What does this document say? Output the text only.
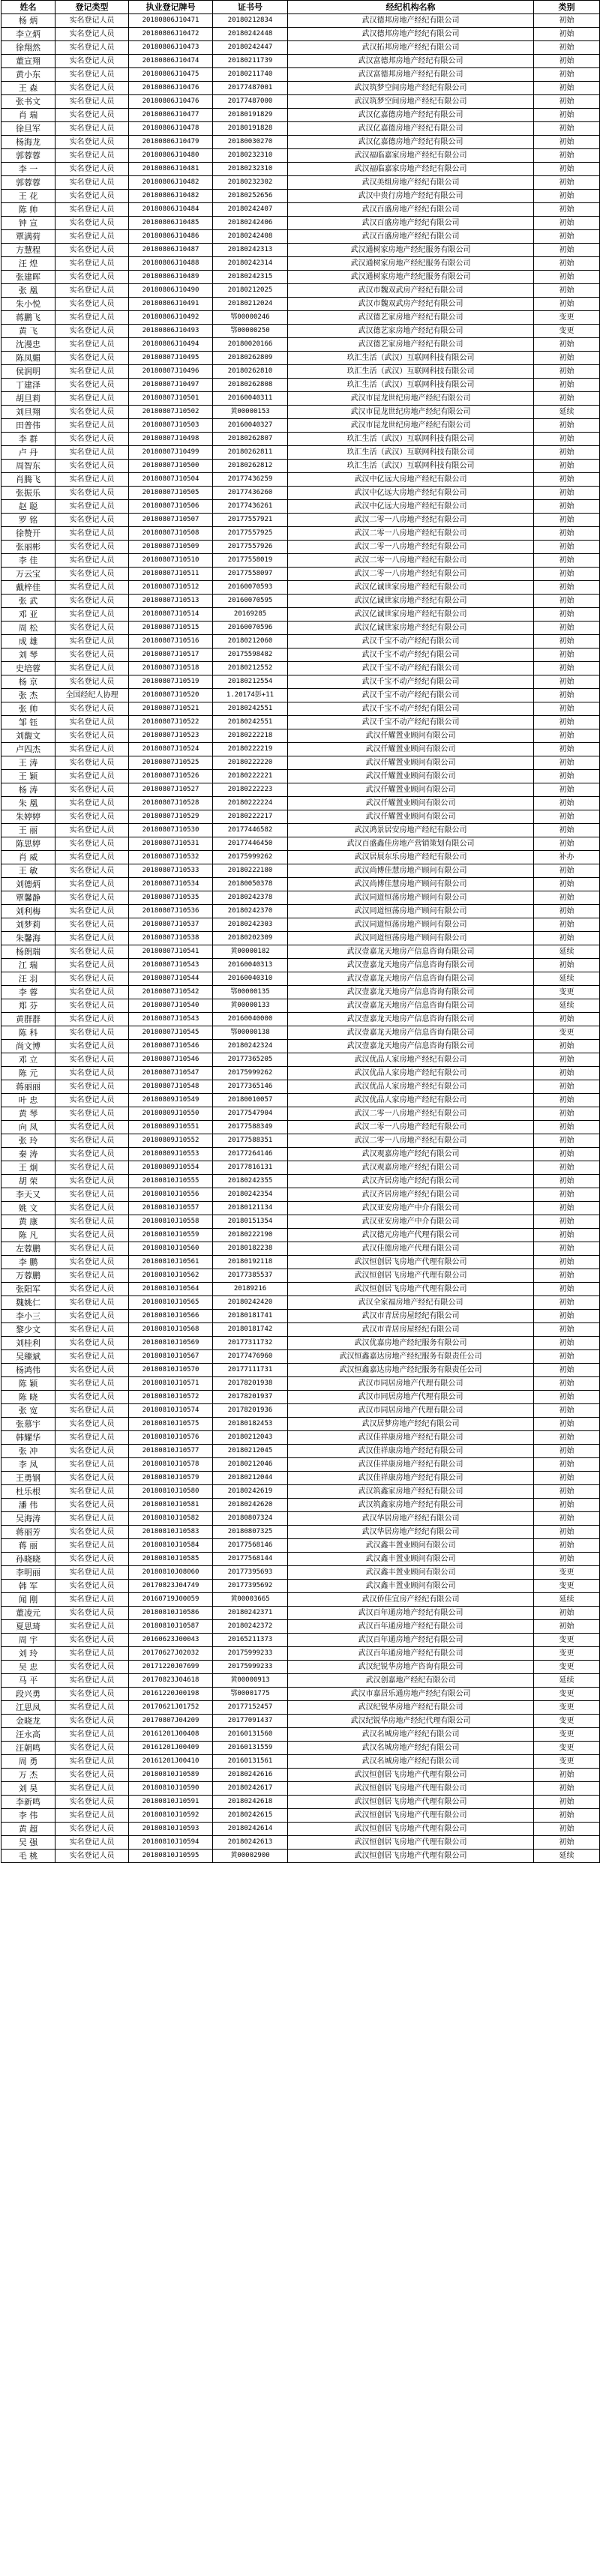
姓名	登记类型	执业登记牌号	证书号	经纪机构名称	类别
杨 炳	实名登记人员	20180806J10471	20180212834	武汉德邦房地产经纪有限公司	初始
李立炳	实名登记人员	20180806J10472	20180242448	武汉德邦房地产经纪有限公司	初始
徐翔然	实名登记人员	20180806J10473	20180242447	武汉拓邦房地产经纪有限公司	初始
董宣翔	实名登记人员	20180806J10474	20180211739	武汉富德邦房地产经纪有限公司	初始
黄小东	实名登记人员	20180806J10475	20180211740	武汉富德邦房地产经纪有限公司	初始
王 森	实名登记人员	20180806J10476	20177487001	武汉筑梦空间房地产经纪有限公司	初始
张书文	实名登记人员	20180806J10476	20177487000	武汉筑梦空间房地产经纪有限公司	初始
肖 瑞	实名登记人员	20180806J10477	20180191829	武汉亿嘉德房地产经纪有限公司	初始
徐旦军	实名登记人员	20180806J10478	20180191828	武汉亿嘉德房地产经纪有限公司	初始
杨海龙	实名登记人员	20180806J10479	20180030270	武汉亿嘉德房地产经纪有限公司	初始
郭蓉蓉	实名登记人员	20180806J10480	20180232310	武汉福临嘉家房地产经纪有限公司	初始
李 一	实名登记人员	20180806J10481	20180232310	武汉福临嘉家房地产经纪有限公司	初始
郭蓉蓉	实名登记人员	20180806J10482	20180232302	武汉美组房地产经纪有限公司	初始
王 花	实名登记人员	20180806J10482	20180252656	武汉中贵行房地产经纪有限公司	初始
陈 帅	实名登记人员	20180806J10484	20180242407	武汉百盛房地产经纪有限公司	初始
钟 宣	实名登记人员	20180806J10485	20180242406	武汉百盛房地产经纪有限公司	初始
覃满荷	实名登记人员	20180806J10486	20180242408	武汉百盛房地产经纪有限公司	初始
方慧程	实名登记人员	20180806J10487	20180242313	武汉通树家房地产经纪服务有限公司	初始
汪 煌	实名登记人员	20180806J10488	20180242314	武汉通树家房地产经纪服务有限公司	初始
张建晖	实名登记人员	20180806J10489	20180242315	武汉通树家房地产经纪服务有限公司	初始
张 凰	实名登记人员	20180806J10490	20180212025	武汉市魏双武房产经纪有限公司	初始
朱小悦	实名登记人员	20180806J10491	20180212024	武汉市魏双武房产经纪有限公司	初始
蒋鹏飞	实名登记人员	20180806J10492	鄂00000246	武汉德艺家房地产经纪有限公司	变更
黄 飞	实名登记人员	20180806J10493	鄂00000250	武汉德艺家房地产经纪有限公司	变更
沈漫忠	实名登记人员	20180806J10494	20180020166	武汉德艺家房地产经纪有限公司	初始
陈凤媚	实名登记人员	20180807J10495	20180262809	玖汇生活（武汉）互联网科技有限公司	初始
侯润明	实名登记人员	20180807J10496	20180262810	玖汇生活（武汉）互联网科技有限公司	初始
丁建泽	实名登记人员	20180807J10497	20180262808	玖汇生活（武汉）互联网科技有限公司	初始
胡旦莉	实名登记人员	20180807J10501	20160040311	武汉市昆龙世纪房地产经纪有限公司	初始
刘旦翔	实名登记人员	20180807J10502	黄00000153	武汉市昆龙世纪房地产经纪有限公司	延续
田普伟	实名登记人员	20180807J10503	20160040327	武汉市昆龙世纪房地产经纪有限公司	初始
李 群	实名登记人员	20180807J10498	20180262807	玖汇生活（武汉）互联网科技有限公司	初始
卢 丹	实名登记人员	20180807J10499	20180262811	玖汇生活（武汉）互联网科技有限公司	初始
周智东	实名登记人员	20180807J10500	20180262812	玖汇生活（武汉）互联网科技有限公司	初始
肖腾飞	实名登记人员	20180807J10504	20177436259	武汉中亿远大房地产经纪有限公司	初始
张振乐	实名登记人员	20180807J10505	20177436260	武汉中亿远大房地产经纪有限公司	初始
赵 聪	实名登记人员	20180807J10506	20177436261	武汉中亿远大房地产经纪有限公司	初始
罗 铭	实名登记人员	20180807J10507	20177557921	武汉二零一八房地产经纪有限公司	初始
徐赞开	实名登记人员	20180807J10508	20177557925	武汉二零一八房地产经纪有限公司	初始
张丽彬	实名登记人员	20180807J10509	20177557926	武汉二零一八房地产经纪有限公司	初始
李 佳	实名登记人员	20180807J10510	20177558019	武汉二零一八房地产经纪有限公司	初始
万云宝	实名登记人员	20180807J10511	20177558097	武汉二零一八房地产经纪有限公司	初始
戴梓佳	实名登记人员	20180807J10512	20160070593	武汉亿诚世家房地产经纪有限公司	初始
张 武	实名登记人员	20180807J10513	20160070595	武汉亿诚世家房地产经纪有限公司	初始
邓 亚	实名登记人员	20180807J10514	20169285	武汉亿诚世家房地产经纪有限公司	初始
周 松	实名登记人员	20180807J10515	20160070596	武汉亿诚世家房地产经纪有限公司	初始
成 雄	实名登记人员	20180807J10516	20180212060	武汉千宝不动产经纪有限公司	初始
刘 琴	实名登记人员	20180807J10517	20175598482	武汉千宝不动产经纪有限公司	初始
史培蓉	实名登记人员	20180807J10518	20180212552	武汉千宝不动产经纪有限公司	初始
杨 京	实名登记人员	20180807J10519	20180212554	武汉千宝不动产经纪有限公司	初始
张 杰	全国经纪人协理	20180807J10520	1.20174彭+11	武汉千宝不动产经纪有限公司	初始
张 帅	实名登记人员	20180807J10521	20180242551	武汉千宝不动产经纪有限公司	初始
邹 钰	实名登记人员	20180807J10522	20180242551	武汉千宝不动产经纪有限公司	初始
刘馥文	实名登记人员	20180807J10523	20180222218	武汉仟耀置业顾问有限公司	初始
卢四杰	实名登记人员	20180807J10524	20180222219	武汉仟耀置业顾问有限公司	初始
王 涛	实名登记人员	20180807J10525	20180222220	武汉仟耀置业顾问有限公司	初始
王 颖	实名登记人员	20180807J10526	20180222221	武汉仟耀置业顾问有限公司	初始
杨 涛	实名登记人员	20180807J10527	20180222223	武汉仟耀置业顾问有限公司	初始
朱 凰	实名登记人员	20180807J10528	20180222224	武汉仟耀置业顾问有限公司	初始
朱婷婷	实名登记人员	20180807J10529	20180222217	武汉仟耀置业顾问有限公司	初始
王 丽	实名登记人员	20180807J10530	20177446582	武汉鸿景居安房地产经纪有限公司	初始
陈思婷	实名登记人员	20180807J10531	20177446450	武汉百盛鑫佳房地产营销策划有限公司	初始
肖 威	实名登记人员	20180807J10532	20175999262	武汉居展东乐房地产经纪有限公司	补办
王 敏	实名登记人员	20180807J10533	20180222180	武汉尚博佳慧房地产顾问有限公司	初始
刘德炳	实名登记人员	20180807J10534	20180050378	武汉尚博佳慧房地产顾问有限公司	初始
覃馨静	实名登记人员	20180807J10535	20180242378	武汉同道恒荡房地产顾问有限公司	初始
刘利梅	实名登记人员	20180807J10536	20180242370	武汉同道恒荡房地产顾问有限公司	初始
刘梦莉	实名登记人员	20180807J10537	20180242303	武汉同道恒荡房地产顾问有限公司	初始
朱馨海	实名登记人员	20180807J10538	20180202309	武汉同道恒荡房地产顾问有限公司	初始
杨朗瑞	实名登记人员	20180807J10541	黄00000182	武汉壹嘉龙天地房产信息咨询有限公司	延续
江 瑞	实名登记人员	20180807J10543	20160040313	武汉壹嘉龙天地房产信息咨询有限公司	初始
汪 羽	实名登记人员	20180807J10544	20160040310	武汉壹嘉龙天地房产信息咨询有限公司	延续
李 蓉	实名登记人员	20180807J10542	鄂00000135	武汉壹嘉龙天地房产信息咨询有限公司	变更
郑 芬	实名登记人员	20180807J10540	黄00000133	武汉壹嘉龙天地房产信息咨询有限公司	延续
黄群群	实名登记人员	20180807J10543	20160040000	武汉壹嘉龙天地房产信息咨询有限公司	初始
陈 科	实名登记人员	20180807J10545	鄂00000138	武汉壹嘉龙天地房产信息咨询有限公司	变更
尚文博	实名登记人员	20180807J10546	20180242324	武汉壹嘉龙天地房产信息咨询有限公司	初始
邓 立	实名登记人员	20180807J10546	20177365205	武汉优品人家房地产经纪有限公司	初始
陈 元	实名登记人员	20180807J10547	20175999262	武汉优品人家房地产经纪有限公司	初始
蒋丽丽	实名登记人员	20180807J10548	20177365146	武汉优品人家房地产经纪有限公司	初始
叶 忠	实名登记人员	20180809J10549	20180010057	武汉优品人家房地产经纪有限公司	初始
黄 琴	实名登记人员	20180809J10550	20177547904	武汉二零一八房地产经纪有限公司	初始
向 凤	实名登记人员	20180809J10551	20177588349	武汉二零一八房地产经纪有限公司	初始
张 玲	实名登记人员	20180809J10552	20177588351	武汉二零一八房地产经纪有限公司	初始
秦 涛	实名登记人员	20180809J10553	20177264146	武汉观嘉房地产经纪有限公司	初始
王 炯	实名登记人员	20180809J10554	20177816131	武汉观嘉房地产经纪有限公司	初始
胡 荣	实名登记人员	20180810J10555	20180242355	武汉齐居房地产经纪有限公司	初始
李天又	实名登记人员	20180810J10556	20180242354	武汉齐居房地产经纪有限公司	初始
姚 文	实名登记人员	20180810J10557	20180121134	武汉亚安房地产中介有限公司	初始
黄 康	实名登记人员	20180810J10558	20180151354	武汉亚安房地产中介有限公司	初始
陈 凡	实名登记人员	20180810J10559	20180222190	武汉德元房地产代理有限公司	初始
左蓉鹏	实名登记人员	20180810J10560	20180182238	武汉佳德房地产代理有限公司	初始
李 鹏	实名登记人员	20180810J10561	20180192118	武汉恒创居飞房地产代理有限公司	初始
万蓉鹏	实名登记人员	20180810J10562	20177385537	武汉恒创居飞房地产代理有限公司	初始
张阳军	实名登记人员	20180810J10564	20189216	武汉恒创居飞房地产代理有限公司	初始
魏姚仁	实名登记人员	20180810J10565	20180242420	武汉全家福房地产经纪有限公司	初始
李小三	实名登记人员	20180810J10566	20180181741	武汉市青居房屋经纪有限公司	初始
黎少文	实名登记人员	20180810J10568	20180181742	武汉市青居房屋经纪有限公司	初始
刘桂利	实名登记人员	20180810J10569	20177311732	武汉优嘉房地产经纪服务有限公司	初始
吴臻斌	实名登记人员	20180810J10567	20177476960	武汉恒鑫嘉达房地产经纪服务有限责任公司	初始
杨鸿伟	实名登记人员	20180810J10570	20177111731	武汉恒鑫嘉达房地产经纪服务有限责任公司	初始
陈 颖	实名登记人员	20180810J10571	20178201938	武汉市同居房地产代理有限公司	初始
陈 晓	实名登记人员	20180810J10572	20178201937	武汉市同居房地产代理有限公司	初始
张 宽	实名登记人员	20180810J10574	20178201936	武汉市同居房地产代理有限公司	初始
张慕宇	实名登记人员	20180810J10575	20180182453	武汉居梦房地产经纪有限公司	初始
韩耀华	实名登记人员	20180810J10576	20180212043	武汉佳祥康房地产经纪有限公司	初始
张 冲	实名登记人员	20180810J10577	20180212045	武汉佳祥康房地产经纪有限公司	初始
李 凤	实名登记人员	20180810J10578	20180212046	武汉佳祥康房地产经纪有限公司	初始
王勇钢	实名登记人员	20180810J10579	20180212044	武汉佳祥康房地产经纪有限公司	初始
杜乐根	实名登记人员	20180810J10580	20180242619	武汉筑鑫家房地产经纪有限公司	初始
潘 伟	实名登记人员	20180810J10581	20180242620	武汉筑鑫家房地产经纪有限公司	初始
吴海涛	实名登记人员	20180810J10582	20180807324	武汉华居房地产经纪有限公司	初始
蒋丽芳	实名登记人员	20180810J10583	20180807325	武汉华居房地产经纪有限公司	初始
蒋 丽	实名登记人员	20180810J10584	20177568146	武汉鑫丰置业顾问有限公司	初始
孙晓晓	实名登记人员	20180810J10585	20177568144	武汉鑫丰置业顾问有限公司	初始
李明丽	实名登记人员	20180810J08060	20177395693	武汉鑫丰置业顾问有限公司	变更
韩 军	实名登记人员	20170823J04749	20177395692	武汉鑫丰置业顾问有限公司	变更
闻 刚	实名登记人员	20160719J00059	黄00003665	武汉侨佳宜房产经纪有限公司	延续
董凌元	实名登记人员	20180810J10586	20180242371	武汉百年通房地产经纪有限公司	初始
夏思琦	实名登记人员	20180810J10587	20180242372	武汉百年通房地产经纪有限公司	初始
周 宇	实名登记人员	20160623J00043	20165211373	武汉百年通房地产经纪有限公司	变更
刘 玲	实名登记人员	20170627J02032	20175999233	武汉百年通房地产经纪有限公司	变更
吴 忠	实名登记人员	20171220J07699	20175999233	武汉纪锐华房地产咨询有限公司	变更
马 平	实名登记人员	20170823J04618	黄00000913	武汉创嘉地产经纪有限公司	延续
段兴勇	实名登记人员	20161220J00198	鄂00001775	武汉市嘉居乐通房地产经纪有限公司	变更
江思凤	实名登记人员	20170621J01752	20177152457	武汉纪锐华房地产经纪有限公司	变更
金晓龙	实名登记人员	20170807J04209	20177091437	武汉纪锐华房地产经纪代理有限公司	变更
汪永高	实名登记人员	20161201J00408	20160131560	武汉名城房地产经纪有限公司	变更
汪朝鸣	实名登记人员	20161201J00409	20160131559	武汉名城房地产经纪有限公司	变更
周 勇	实名登记人员	20161201J00410	20160131561	武汉名城房地产经纪有限公司	变更
万 杰	实名登记人员	20180810J10589	20180242616	武汉恒创居飞房地产代理有限公司	初始
刘 昊	实名登记人员	20180810J10590	20180242617	武汉恒创居飞房地产代理有限公司	初始
李新鸣	实名登记人员	20180810J10591	20180242618	武汉恒创居飞房地产代理有限公司	初始
李 伟	实名登记人员	20180810J10592	20180242615	武汉恒创居飞房地产代理有限公司	初始
黄 超	实名登记人员	20180810J10593	20180242614	武汉恒创居飞房地产代理有限公司	初始
吴 强	实名登记人员	20180810J10594	20180242613	武汉恒创居飞房地产代理有限公司	初始
毛 桃	实名登记人员	20180810J10595	黄00002900	武汉恒创居飞房地产代理有限公司	延续
